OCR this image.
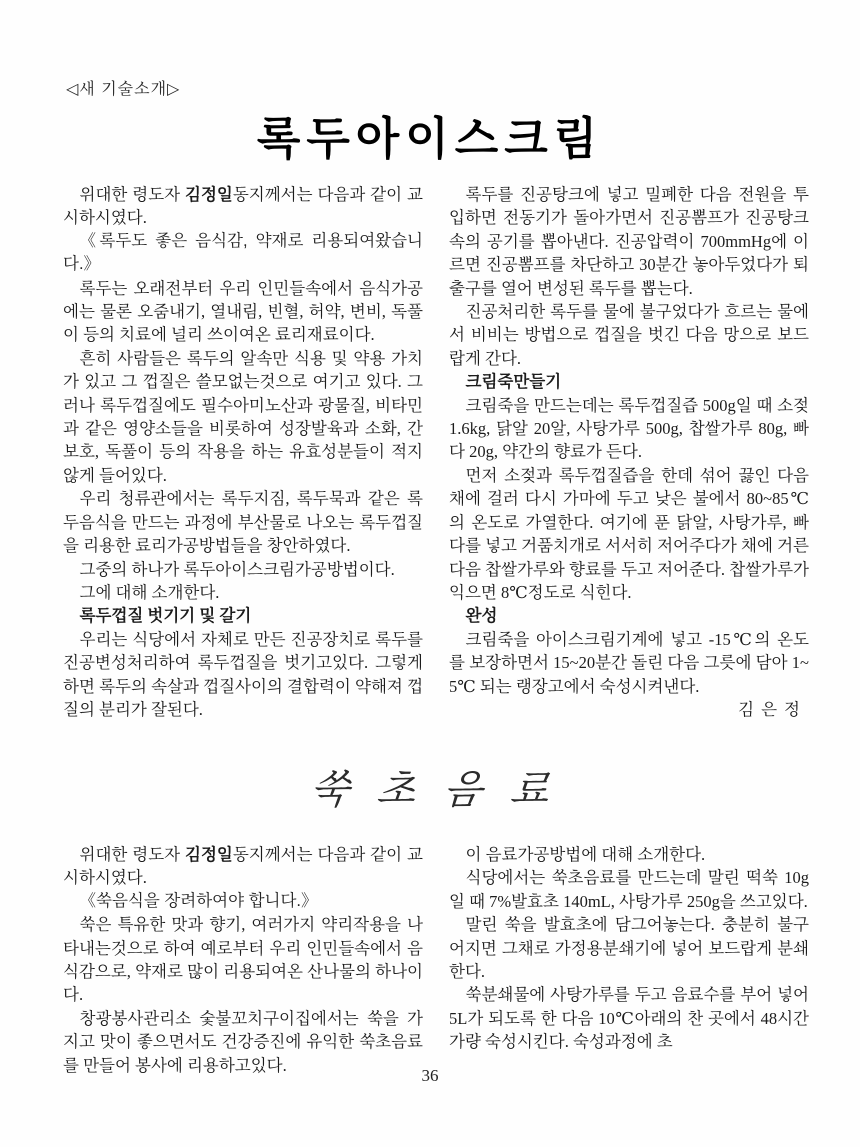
◁새 기술소개▷
록두아이스크림

위대한 령도자 김정일동지께서는 다음과 같이 교시하시였다.

《록두도 좋은 음식감, 약재로 리용되여왔습니다.》

록두는 오래전부터 우리 인민들속에서 음식가공에는 물론 오줌내기, 열내림, 빈혈, 허약, 변비, 독풀이 등의 치료에 널리 쓰이여온 료리재료이다.

흔히 사람들은 록두의 알속만 식용 및 약용 가치가 있고 그 껍질은 쓸모없는것으로 여기고 있다. 그러나 록두껍질에도 필수아미노산과 광물질, 비타민과 같은 영양소들을 비롯하여 성장발육과 소화, 간보호, 독풀이 등의 작용을 하는 유효성분들이 적지 않게 들어있다.

우리 청류관에서는 록두지짐, 록두묵과 같은 록두음식을 만드는 과정에 부산물로 나오는 록두껍질을 리용한 료리가공방법들을 창안하였다.

그중의 하나가 록두아이스크림가공방법이다.

그에 대해 소개한다.

록두껍질 벗기기 및 갈기

우리는 식당에서 자체로 만든 진공장치로 록두를 진공변성처리하여 록두껍질을 벗기고있다. 그렇게 하면 록두의 속살과 껍질사이의 결합력이 약해져 껍질의 분리가 잘된다.

록두를 진공탕크에 넣고 밀폐한 다음 전원을 투입하면 전동기가 돌아가면서 진공뽐프가 진공탕크속의 공기를 뽑아낸다. 진공압력이 700mmHg에 이르면 진공뽐프를 차단하고 30분간 놓아두었다가 퇴출구를 열어 변성된 록두를 뽑는다.

진공처리한 록두를 물에 불구었다가 흐르는 물에서 비비는 방법으로 껍질을 벗긴 다음 망으로 보드랍게 간다.

크림죽만들기

크림죽을 만드는데는 록두껍질즙 500g일 때 소젖 1.6kg, 닭알 20알, 사탕가루 500g, 찹쌀가루 80g, 빠다 20g, 약간의 향료가 든다.

먼저 소젖과 록두껍질즙을 한데 섞어 끓인 다음 채에 걸러 다시 가마에 두고 낮은 불에서 80~85℃의 온도로 가열한다. 여기에 푼 닭알, 사탕가루, 빠다를 넣고 거품치개로 서서히 저어주다가 채에 거른 다음 찹쌀가루와 향료를 두고 저어준다. 찹쌀가루가 익으면 8℃정도로 식힌다.

완성

크림죽을 아이스크림기계에 넣고 -15℃의 온도를 보장하면서 15~20분간 돌린 다음 그릇에 담아 1~5℃ 되는 랭장고에서 숙성시켜낸다.

김은정

쑥초음료

위대한 령도자 김정일동지께서는 다음과 같이 교시하시였다.

《쑥음식을 장려하여야 합니다.》

쑥은 특유한 맛과 향기, 여러가지 약리작용을 나타내는것으로 하여 예로부터 우리 인민들속에서 음식감으로, 약재로 많이 리용되여온 산나물의 하나이다.

창광봉사관리소 숯불꼬치구이집에서는 쑥을 가지고 맛이 좋으면서도 건강증진에 유익한 쑥초음료를 만들어 봉사에 리용하고있다.

이 음료가공방법에 대해 소개한다.

식당에서는 쑥초음료를 만드는데 말린 떡쑥 10g일 때 7%발효초 140mL, 사탕가루 250g을 쓰고있다.

말린 쑥을 발효초에 담그어놓는다. 충분히 불구어지면 그채로 가정용분쇄기에 넣어 보드랍게 분쇄한다.

쑥분쇄물에 사탕가루를 두고 음료수를 부어 넣어 5L가 되도록 한 다음 10℃아래의 찬 곳에서 48시간가량 숙성시킨다. 숙성과정에 초

36
